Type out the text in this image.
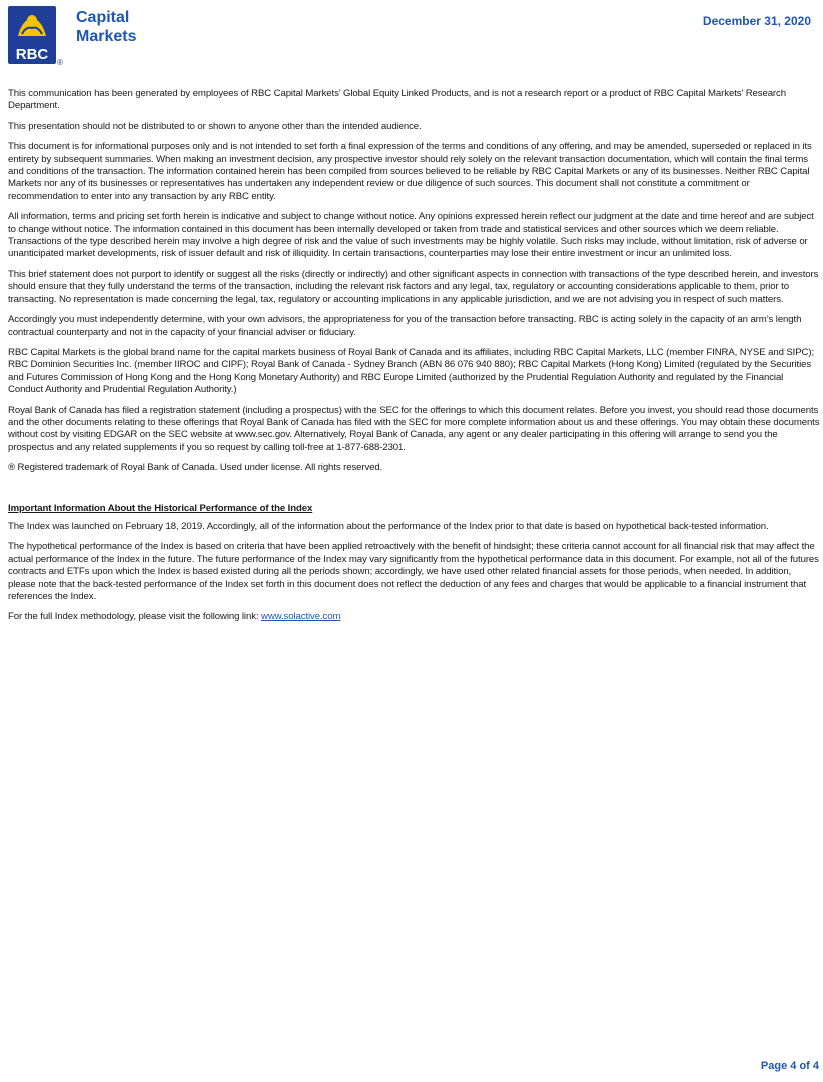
RBC ®
Capital
Markets
December 31, 2020

This communication has been generated by employees of RBC Capital Markets’ Global Equity Linked Products, and is not a research report or a product of RBC Capital Markets’ Research Department.

This presentation should not be distributed to or shown to anyone other than the intended audience.

This document is for informational purposes only and is not intended to set forth a final expression of the terms and conditions of any offering, and may be amended, superseded or replaced in its entirety by subsequent summaries. When making an investment decision, any prospective investor should rely solely on the relevant transaction documentation, which will contain the final terms and conditions of the transaction. The information contained herein has been compiled from sources believed to be reliable by RBC Capital Markets or any of its businesses. Neither RBC Capital Markets nor any of its businesses or representatives has undertaken any independent review or due diligence of such sources. This document shall not constitute a commitment or recommendation to enter into any transaction by any RBC entity.

All information, terms and pricing set forth herein is indicative and subject to change without notice. Any opinions expressed herein reflect our judgment at the date and time hereof and are subject to change without notice. The information contained in this document has been internally developed or taken from trade and statistical services and other sources which we deem reliable. Transactions of the type described herein may involve a high degree of risk and the value of such investments may be highly volatile. Such risks may include, without limitation, risk of adverse or unanticipated market developments, risk of issuer default and risk of illiquidity. In certain transactions, counterparties may lose their entire investment or incur an unlimited loss.

This brief statement does not purport to identify or suggest all the risks (directly or indirectly) and other significant aspects in connection with transactions of the type described herein, and investors should ensure that they fully understand the terms of the transaction, including the relevant risk factors and any legal, tax, regulatory or accounting considerations applicable to them, prior to transacting. No representation is made concerning the legal, tax, regulatory or accounting implications in any applicable jurisdiction, and we are not advising you in respect of such matters.

Accordingly you must independently determine, with your own advisors, the appropriateness for you of the transaction before transacting. RBC is acting solely in the capacity of an arm’s length contractual counterparty and not in the capacity of your financial adviser or fiduciary.

RBC Capital Markets is the global brand name for the capital markets business of Royal Bank of Canada and its affiliates, including RBC Capital Markets, LLC (member FINRA, NYSE and SIPC); RBC Dominion Securities Inc. (member IIROC and CIPF); Royal Bank of Canada - Sydney Branch (ABN 86 076 940 880); RBC Capital Markets (Hong Kong) Limited (regulated by the Securities and Futures Commission of Hong Kong and the Hong Kong Monetary Authority) and RBC Europe Limited (authorized by the Prudential Regulation Authority and regulated by the Financial Conduct Authority and Prudential Regulation Authority.)

Royal Bank of Canada has filed a registration statement (including a prospectus) with the SEC for the offerings to which this document relates. Before you invest, you should read those documents and the other documents relating to these offerings that Royal Bank of Canada has filed with the SEC for more complete information about us and these offerings. You may obtain these documents without cost by visiting EDGAR on the SEC website at www.sec.gov. Alternatively, Royal Bank of Canada, any agent or any dealer participating in this offering will arrange to send you the prospectus and any related supplements if you so request by calling toll-free at 1-877-688-2301.

® Registered trademark of Royal Bank of Canada. Used under license. All rights reserved.

Important Information About the Historical Performance of the Index

The Index was launched on February 18, 2019. Accordingly, all of the information about the performance of the Index prior to that date is based on hypothetical back-tested information.

The hypothetical performance of the Index is based on criteria that have been applied retroactively with the benefit of hindsight; these criteria cannot account for all financial risk that may affect the actual performance of the Index in the future. The future performance of the Index may vary significantly from the hypothetical performance data in this document. For example, not all of the futures contracts and ETFs upon which the Index is based existed during all the periods shown; accordingly, we have used other related financial assets for those periods, when needed. In addition, please note that the back-tested performance of the Index set forth in this document does not reflect the deduction of any fees and charges that would be applicable to a financial instrument that references the Index.

For the full Index methodology, please visit the following link: www.solactive.com

Page 4 of 4
